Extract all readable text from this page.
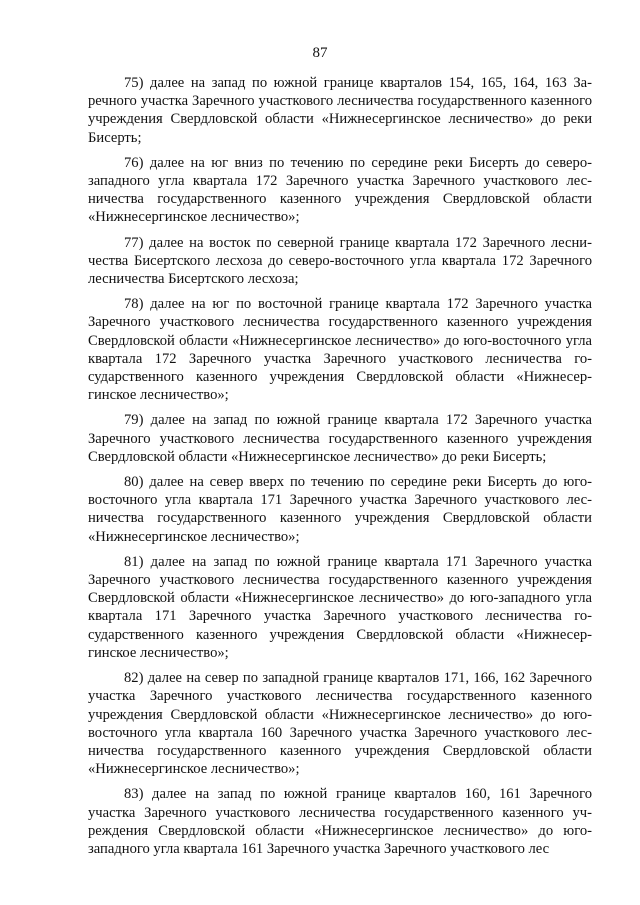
87

75) далее на запад по южной границе кварталов 154, 165, 164, 163 Заречного участка Заречного участкового лесничества государственного казенного учреждения Свердловской области «Нижнесергинское лесничество» до реки Бисерть;

76) далее на юг вниз по течению по середине реки Бисерть до северо-западного угла квартала 172 Заречного участка Заречного участкового лесничества государственного казенного учреждения Свердловской области «Нижнесергинское лесничество»;

77) далее на восток по северной границе квартала 172 Заречного лесничества Бисертского лесхоза до северо-восточного угла квартала 172 Заречного лесничества Бисертского лесхоза;

78) далее на юг по восточной границе квартала 172 Заречного участка Заречного участкового лесничества государственного казенного учреждения Свердловской области «Нижнесергинское лесничество» до юго-восточного угла квартала 172 Заречного участка Заречного участкового лесничества государственного казенного учреждения Свердловской области «Нижнесергинское лесничество»;

79) далее на запад по южной границе квартала 172 Заречного участка Заречного участкового лесничества государственного казенного учреждения Свердловской области «Нижнесергинское лесничество» до реки Бисерть;

80) далее на север вверх по течению по середине реки Бисерть до юго-восточного угла квартала 171 Заречного участка Заречного участкового лесничества государственного казенного учреждения Свердловской области «Нижнесергинское лесничество»;

81) далее на запад по южной границе квартала 171 Заречного участка Заречного участкового лесничества государственного казенного учреждения Свердловской области «Нижнесергинское лесничество» до юго-западного угла квартала 171 Заречного участка Заречного участкового лесничества государственного казенного учреждения Свердловской области «Нижнесергинское лесничество»;

82) далее на север по западной границе кварталов 171, 166, 162 Заречного участка Заречного участкового лесничества государственного казенного учреждения Свердловской области «Нижнесергинское лесничество» до юго-восточного угла квартала 160 Заречного участка Заречного участкового лесничества государственного казенного учреждения Свердловской области «Нижнесергинское лесничество»;

83) далее на запад по южной границе кварталов 160, 161 Заречного участка Заречного участкового лесничества государственного казенного учреждения Свердловской области «Нижнесергинское лесничество» до юго-западного угла квартала 161 Заречного участка Заречного участкового лес
